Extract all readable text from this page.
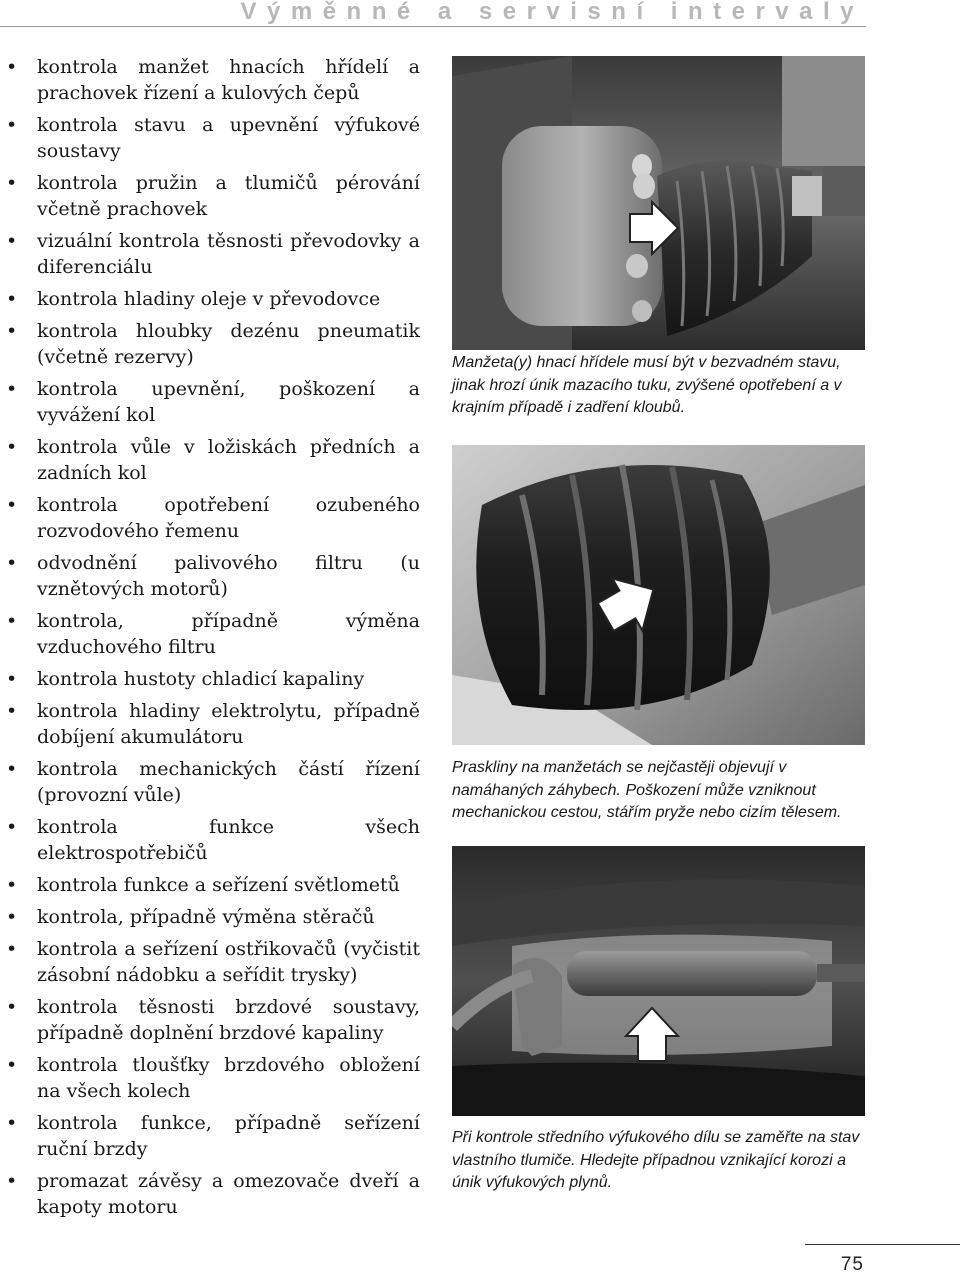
Výměnné a servisní intervaly
• kontrola manžet hnacích hřídelí a prachovek řízení a kulových čepů
• kontrola stavu a upevnění výfukové soustavy
• kontrola pružin a tlumičů pérování včetně prachovek
• vizuální kontrola těsnosti převodovky a diferenciálu
• kontrola hladiny oleje v převodovce
• kontrola hloubky dezénu pneumatik (včetně rezervy)
• kontrola upevnění, poškození a vyvážení kol
• kontrola vůle v ložiskách předních a zadních kol
• kontrola opotřebení ozubeného rozvodového řemenu
• odvodnění palivového filtru (u vznětových motorů)
• kontrola, případně výměna vzduchového filtru
• kontrola hustoty chladicí kapaliny
• kontrola hladiny elektrolytu, případně dobíjení akumulátoru
• kontrola mechanických částí řízení (provozní vůle)
• kontrola funkce všech elektrospotřebičů
• kontrola funkce a seřízení světlometů
• kontrola, případně výměna stěračů
• kontrola a seřízení ostřikovačů (vyčistit zásobní nádobku a seřídit trysky)
• kontrola těsnosti brzdové soustavy, případně doplnění brzdové kapaliny
• kontrola tloušťky brzdového obložení na všech kolech
• kontrola funkce, případně seřízení ruční brzdy
• promazat závěsy a omezovače dveří a kapoty motoru
Manžeta(y) hnací hřídele musí být v bezvadném stavu, jinak hrozí únik mazacího tuku, zvýšené opotřebení a v krajním případě i zadření kloubů.
Praskliny na manžetách se nejčastěji objevují v namáhaných záhybech. Poškození může vzniknout mechanickou cestou, stářím pryže nebo cizím tělesem.
Při kontrole středního výfukového dílu se zaměřte na stav vlastního tlumiče. Hledejte případnou vznikající korozi a únik výfukových plynů.
75
